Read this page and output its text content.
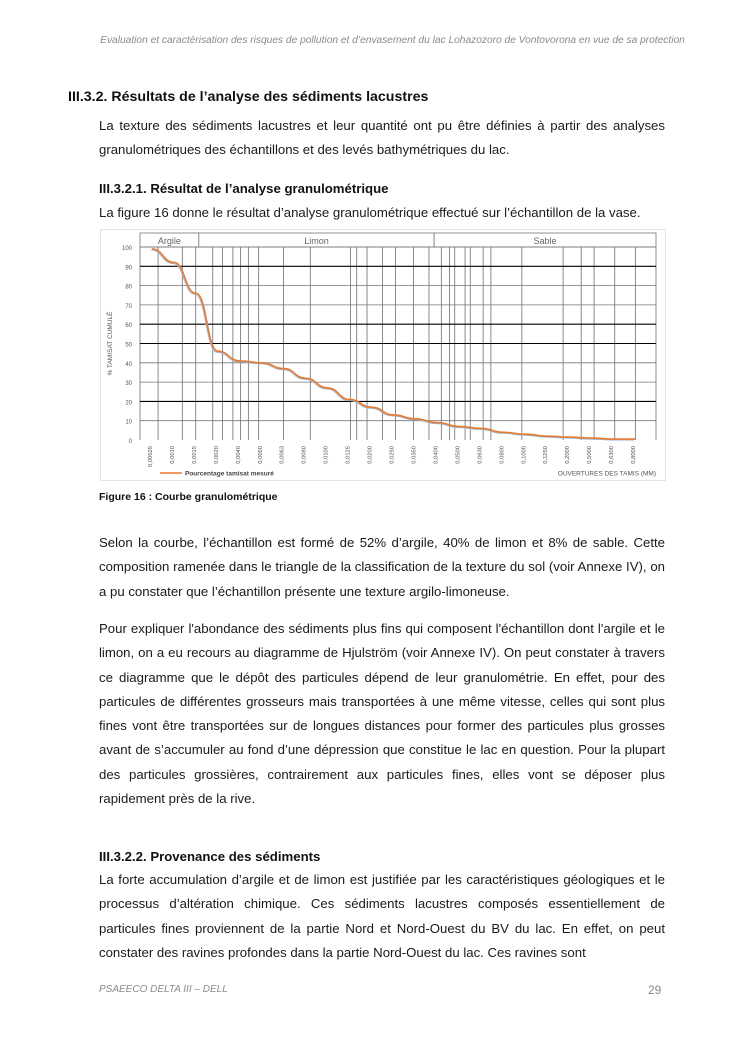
Evaluation et caractérisation des risques de pollution et d’envasement du lac Lohazozoro de Vontovorona en vue de sa protection
III.3.2. Résultats de l’analyse des sédiments lacustres
La texture des sédiments lacustres et leur quantité ont pu être définies à partir des analyses granulométriques des échantillons et des levés bathymétriques du lac.
III.3.2.1. Résultat de l’analyse granulométrique
La figure 16 donne le résultat d’analyse granulométrique effectué sur l’échantillon de la vase.
Argile	Limon	Sable
0
10
20
30
40
50
60
70
80
90
100
% TAMISAT CUMULÉ
0,00025	0,0010	0,0015	0,0020	0,0040	0,0050	0,0063	0,0080	0,0100	0,0125	0,0200	0,0250	0,0350	0,0400	0,0500	0,0630	0,0800	0,1000	0,1250	0,2000	0,5000	0,6300	0,8000
Pourcentage tamisat mesuré	OUVERTURES DES TAMIS (MM)
Figure 16 : Courbe granulométrique
Selon la courbe, l’échantillon est formé de 52% d’argile, 40% de limon et 8% de sable. Cette composition ramenée dans le triangle de la classification de la texture du sol (voir Annexe IV), on a pu constater que l’échantillon présente une texture argilo-limoneuse.
Pour expliquer l'abondance des sédiments plus fins qui composent l'échantillon dont l'argile et le limon, on a eu recours au diagramme de Hjulström (voir Annexe IV). On peut constater à travers ce diagramme que le dépôt des particules dépend de leur granulométrie. En effet, pour des particules de différentes grosseurs mais transportées à une même vitesse, celles qui sont plus fines vont être transportées sur de longues distances pour former des particules plus grosses avant de s’accumuler au fond d’une dépression que constitue le lac en question. Pour la plupart des particules grossières, contrairement aux particules fines, elles vont se déposer plus rapidement près de la rive.
III.3.2.2. Provenance des sédiments
La forte accumulation d’argile et de limon est justifiée par les caractéristiques géologiques et le processus d’altération chimique. Ces sédiments lacustres composés essentiellement de particules fines proviennent de la partie Nord et Nord-Ouest du BV du lac. En effet, on peut constater des ravines profondes dans la partie Nord-Ouest du lac. Ces ravines sont
PSAEECO DELTA III – DELL	29
